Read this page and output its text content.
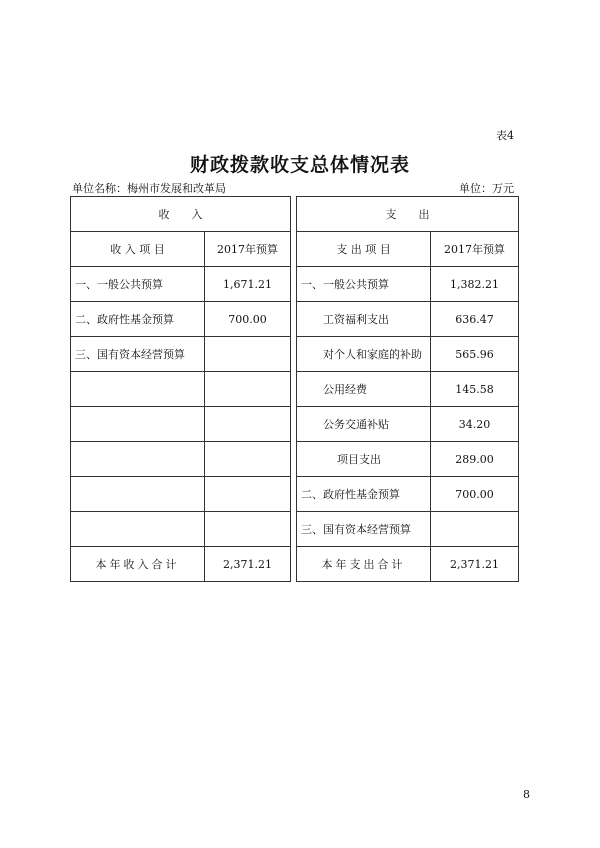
表4
财政拨款收支总体情况表
单位名称：梅州市发展和改革局	单位：万元
收　　入			支　　出	
收 入 项 目	2017年预算		支 出 项 目	2017年预算
一、一般公共预算	1,671.21		一、一般公共预算	1,382.21
二、政府性基金预算	700.00		工资福利支出	636.47
三、国有资本经营预算			对个人和家庭的补助	565.96
			公用经费	145.58
			公务交通补贴	34.20
			项目支出	289.00
			二、政府性基金预算	700.00
			三、国有资本经营预算	
本年收入合计	2,371.21		本年支出合计	2,371.21
8
